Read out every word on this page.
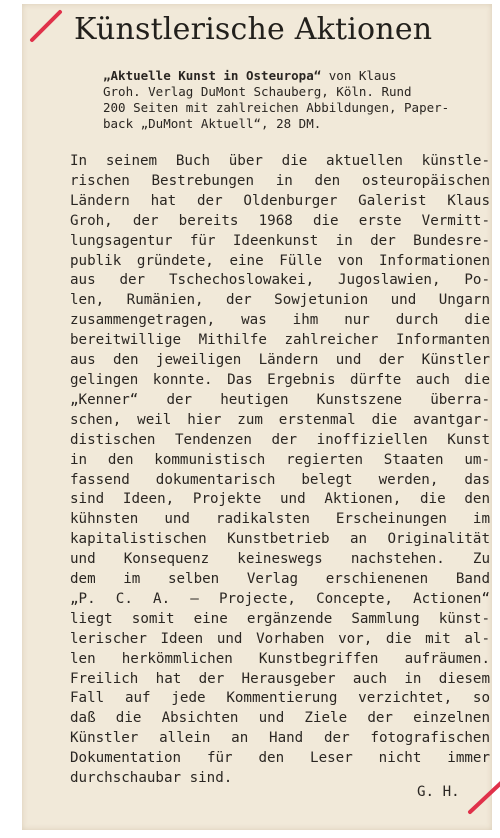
Künstlerische Aktionen

„Aktuelle Kunst in Osteuropa“ von Klaus
Groh. Verlag DuMont Schauberg, Köln. Rund
200 Seiten mit zahlreichen Abbildungen, Paper-
back „DuMont Aktuell“, 28 DM.

In seinem Buch über die aktuellen künstle-
rischen Bestrebungen in den osteuropäischen
Ländern hat der Oldenburger Galerist Klaus
Groh, der bereits 1968 die erste Vermitt-
lungsagentur für Ideenkunst in der Bundesre-
publik gründete, eine Fülle von Informationen
aus der Tschechoslowakei, Jugoslawien, Po-
len, Rumänien, der Sowjetunion und Ungarn
zusammengetragen, was ihm nur durch die
bereitwillige Mithilfe zahlreicher Informanten
aus den jeweiligen Ländern und der Künstler
gelingen konnte. Das Ergebnis dürfte auch die
„Kenner“ der heutigen Kunstszene überra-
schen, weil hier zum erstenmal die avantgar-
distischen Tendenzen der inoffiziellen Kunst
in den kommunistisch regierten Staaten um-
fassend dokumentarisch belegt werden, das
sind Ideen, Projekte und Aktionen, die den
kühnsten und radikalsten Erscheinungen im
kapitalistischen Kunstbetrieb an Originalität
und Konsequenz keineswegs nachstehen. Zu
dem im selben Verlag erschienenen Band
„P. C. A. — Projecte, Concepte, Actionen“
liegt somit eine ergänzende Sammlung künst-
lerischer Ideen und Vorhaben vor, die mit al-
len herkömmlichen Kunstbegriffen aufräumen.
Freilich hat der Herausgeber auch in diesem
Fall auf jede Kommentierung verzichtet, so
daß die Absichten und Ziele der einzelnen
Künstler allein an Hand der fotografischen
Dokumentation für den Leser nicht immer
durchschaubar sind.

G. H.
